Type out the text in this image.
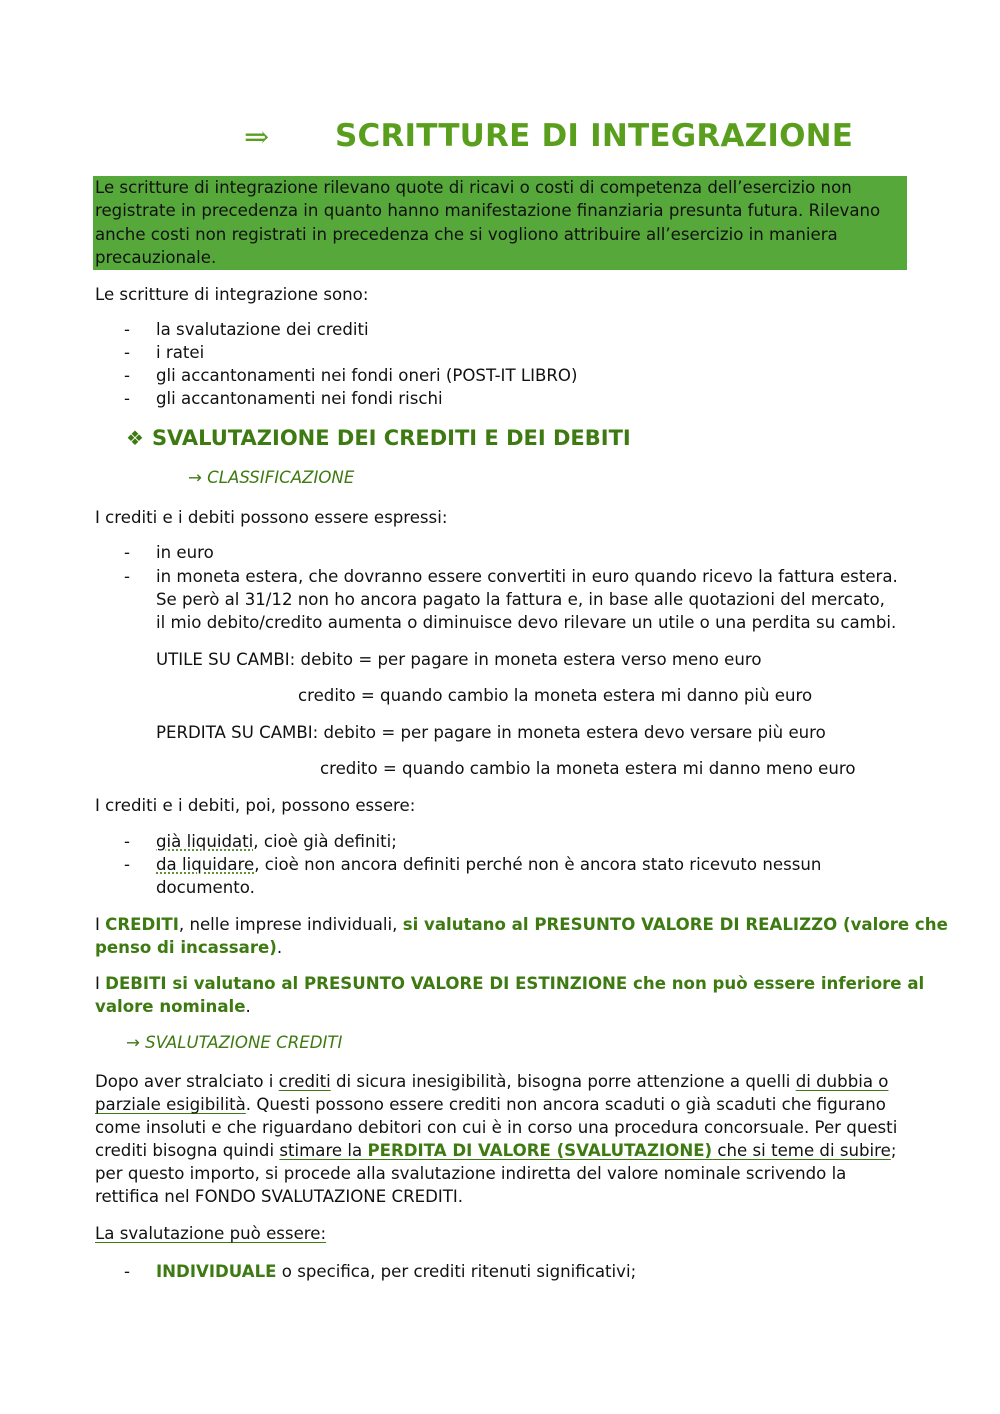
⇒ SCRITTURE DI INTEGRAZIONE
Le scritture di integrazione rilevano quote di ricavi o costi di competenza dell’esercizio non
registrate in precedenza in quanto hanno manifestazione finanziaria presunta futura. Rilevano
anche costi non registrati in precedenza che si vogliono attribuire all’esercizio in maniera
precauzionale.
Le scritture di integrazione sono:
- la svalutazione dei crediti
- i ratei
- gli accantonamenti nei fondi oneri (POST-IT LIBRO)
- gli accantonamenti nei fondi rischi
❖ SVALUTAZIONE DEI CREDITI E DEI DEBITI
→ CLASSIFICAZIONE
I crediti e i debiti possono essere espressi:
- in euro
- in moneta estera, che dovranno essere convertiti in euro quando ricevo la fattura estera.
Se però al 31/12 non ho ancora pagato la fattura e, in base alle quotazioni del mercato,
il mio debito/credito aumenta o diminuisce devo rilevare un utile o una perdita su cambi.
UTILE SU CAMBI: debito = per pagare in moneta estera verso meno euro
credito = quando cambio la moneta estera mi danno più euro
PERDITA SU CAMBI: debito = per pagare in moneta estera devo versare più euro
credito = quando cambio la moneta estera mi danno meno euro
I crediti e i debiti, poi, possono essere:
- già liquidati, cioè già definiti;
- da liquidare, cioè non ancora definiti perché non è ancora stato ricevuto nessun
documento.
I CREDITI, nelle imprese individuali, si valutano al PRESUNTO VALORE DI REALIZZO (valore che
penso di incassare).
I DEBITI si valutano al PRESUNTO VALORE DI ESTINZIONE che non può essere inferiore al
valore nominale.
→ SVALUTAZIONE CREDITI
Dopo aver stralciato i crediti di sicura inesigibilità, bisogna porre attenzione a quelli di dubbia o
parziale esigibilità. Questi possono essere crediti non ancora scaduti o già scaduti che figurano
come insoluti e che riguardano debitori con cui è in corso una procedura concorsuale. Per questi
crediti bisogna quindi stimare la PERDITA DI VALORE (SVALUTAZIONE) che si teme di subire;
per questo importo, si procede alla svalutazione indiretta del valore nominale scrivendo la
rettifica nel FONDO SVALUTAZIONE CREDITI.
La svalutazione può essere:
- INDIVIDUALE o specifica, per crediti ritenuti significativi;
